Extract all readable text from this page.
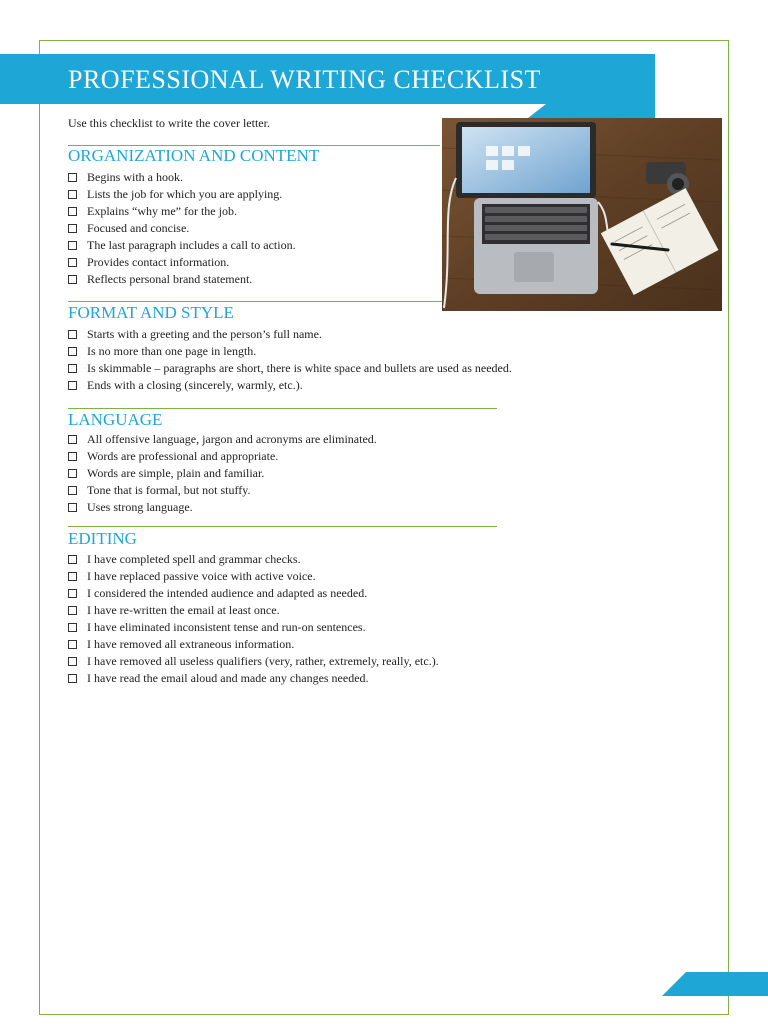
PROFESSIONAL WRITING CHECKLIST
Use this checklist to write the cover letter.
ORGANIZATION AND CONTENT
Begins with a hook.
Lists the job for which you are applying.
Explains “why me” for the job.
Focused and concise.
The last paragraph includes a call to action.
Provides contact information.
Reflects personal brand statement.
FORMAT AND STYLE
Starts with a greeting and the person’s full name.
Is no more than one page in length.
Is skimmable – paragraphs are short, there is white space and bullets are used as needed.
Ends with a closing (sincerely, warmly, etc.).
LANGUAGE
All offensive language, jargon and acronyms are eliminated.
Words are professional and appropriate.
Words are simple, plain and familiar.
Tone that is formal, but not stuffy.
Uses strong language.
EDITING
I have completed spell and grammar checks.
I have replaced passive voice with active voice.
I considered the intended audience and adapted as needed.
I have re-written the email at least once.
I have eliminated inconsistent tense and run-on sentences.
I have removed all extraneous information.
I have removed all useless qualifiers (very, rather, extremely, really, etc.).
I have read the email aloud and made any changes needed.
